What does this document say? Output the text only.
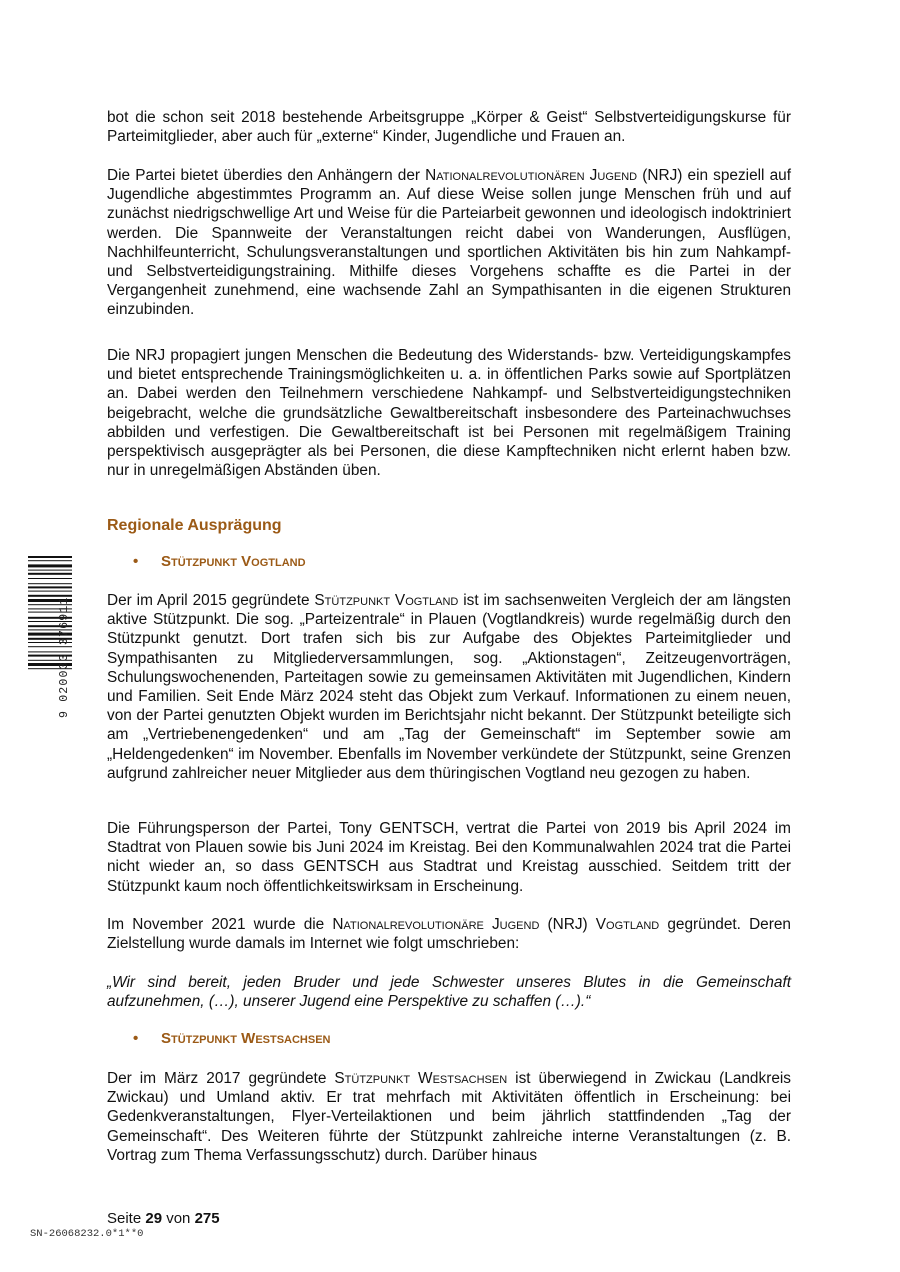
bot die schon seit 2018 bestehende Arbeitsgruppe „Körper & Geist“ Selbstverteidigungskurse für Parteimitglieder, aber auch für „externe“ Kinder, Jugendliche und Frauen an.

Die Partei bietet überdies den Anhängern der Nationalrevolutionären Jugend (NRJ) ein speziell auf Jugendliche abgestimmtes Programm an. Auf diese Weise sollen junge Menschen früh und auf zunächst niedrigschwellige Art und Weise für die Parteiarbeit gewonnen und ideologisch indoktriniert werden. Die Spannweite der Veranstaltungen reicht dabei von Wanderungen, Ausflügen, Nachhilfeunterricht, Schulungsveranstaltungen und sportlichen Aktivitäten bis hin zum Nahkampf- und Selbstverteidigungstraining. Mithilfe dieses Vorgehens schaffte es die Partei in der Vergangenheit zunehmend, eine wachsende Zahl an Sympathisanten in die eigenen Strukturen einzubinden.

Die NRJ propagiert jungen Menschen die Bedeutung des Widerstands- bzw. Verteidigungskampfes und bietet entsprechende Trainingsmöglichkeiten u. a. in öffentlichen Parks sowie auf Sportplätzen an. Dabei werden den Teilnehmern verschiedene Nahkampf- und Selbstverteidigungstechniken beigebracht, welche die grundsätzliche Gewaltbereitschaft insbesondere des Parteinachwuchses abbilden und verfestigen. Die Gewaltbereitschaft ist bei Personen mit regelmäßigem Training perspektivisch ausgeprägter als bei Personen, die diese Kampftechniken nicht erlernt haben bzw. nur in unregelmäßigen Abständen üben.

Regionale Ausprägung
• Stützpunkt Vogtland

Der im April 2015 gegründete Stützpunkt Vogtland ist im sachsenweiten Vergleich der am längsten aktive Stützpunkt. Die sog. „Parteizentrale“ in Plauen (Vogtlandkreis) wurde regelmäßig durch den Stützpunkt genutzt. Dort trafen sich bis zur Aufgabe des Objektes Parteimitglieder und Sympathisanten zu Mitgliederversammlungen, sog. „Aktionstagen“, Zeitzeugenvorträgen, Schulungswochenenden, Parteitagen sowie zu gemeinsamen Aktivitäten mit Jugendlichen, Kindern und Familien. Seit Ende März 2024 steht das Objekt zum Verkauf. Informationen zu einem neuen, von der Partei genutzten Objekt wurden im Berichtsjahr nicht bekannt. Der Stützpunkt beteiligte sich am „Vertriebenengedenken“ und am „Tag der Gemeinschaft“ im September sowie am „Heldengedenken“ im November. Ebenfalls im November verkündete der Stützpunkt, seine Grenzen aufgrund zahlreicher neuer Mitglieder aus dem thüringischen Vogtland neu gezogen zu haben.

Die Führungsperson der Partei, Tony GENTSCH, vertrat die Partei von 2019 bis April 2024 im Stadtrat von Plauen sowie bis Juni 2024 im Kreistag. Bei den Kommunalwahlen 2024 trat die Partei nicht wieder an, so dass GENTSCH aus Stadtrat und Kreistag ausschied. Seitdem tritt der Stützpunkt kaum noch öffentlichkeitswirksam in Erscheinung.

Im November 2021 wurde die Nationalrevolutionäre Jugend (NRJ) Vogtland gegründet. Deren Zielstellung wurde damals im Internet wie folgt umschrieben:

„Wir sind bereit, jeden Bruder und jede Schwester unseres Blutes in die Gemeinschaft aufzunehmen, (…), unserer Jugend eine Perspektive zu schaffen (…).“

• Stützpunkt Westsachsen

Der im März 2017 gegründete Stützpunkt Westsachsen ist überwiegend in Zwickau (Landkreis Zwickau) und Umland aktiv. Er trat mehrfach mit Aktivitäten öffentlich in Erscheinung: bei Gedenkveranstaltungen, Flyer-Verteilaktionen und beim jährlich stattfindenden „Tag der Gemeinschaft“. Des Weiteren führte der Stützpunkt zahlreiche interne Veranstaltungen (z. B. Vortrag zum Thema Verfassungsschutz) durch. Darüber hinaus

Seite 29 von 275
SN-26068232.0*1**0
9 020033 376911
